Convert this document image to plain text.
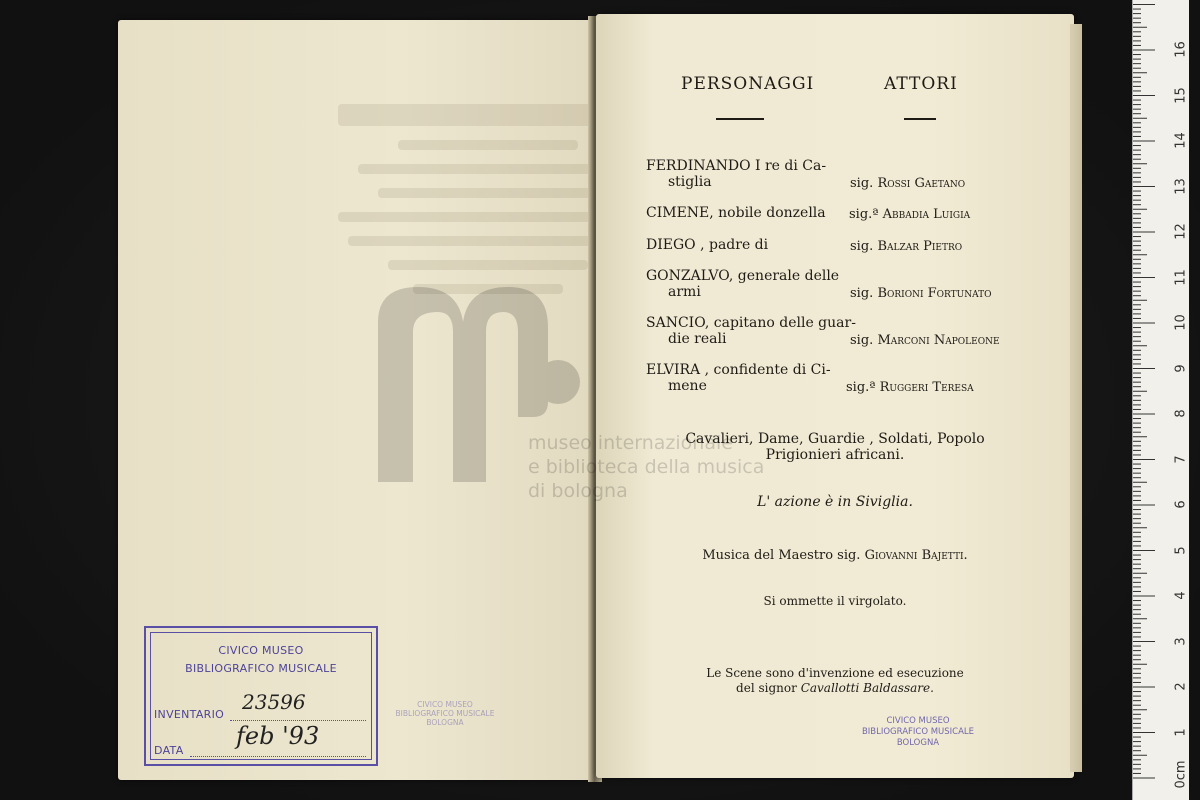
museo internazionale
e biblioteca della musica
di bologna
PERSONAGGI	ATTORI
FERDINANDO I re di Ca-
stiglia	sig. Rossi Gaetano
CIMENE, nobile donzella sig.ª Abbadia Luigia
DIEGO , padre di	sig. Balzar Pietro
GONZALVO, generale delle
armi	sig. Borioni Fortunato
SANCIO, capitano delle guar-
die reali	sig. Marconi Napoleone
ELVIRA , confidente di Ci-
mene	sig.ª Ruggeri Teresa
Cavalieri, Dame, Guardie , Soldati, Popolo
Prigionieri africani.
L' azione è in Siviglia.
Musica del Maestro sig. Giovanni Bajetti.
Si ommette il virgolato.
Le Scene sono d'invenzione ed esecuzione
del signor Cavallotti Baldassare.
CIVICO MUSEO
BIBLIOGRAFICO MUSICALE
BOLOGNA
CIVICO MUSEO
BIBLIOGRAFICO MUSICALE
BOLOGNA
CIVICO MUSEO
BIBLIOGRAFICO MUSICALE
INVENTARIO
23596
DATA
feb '93
0cm
1
2
3
4
5
6
7
8
9
10
11
12
13
14
15
16
